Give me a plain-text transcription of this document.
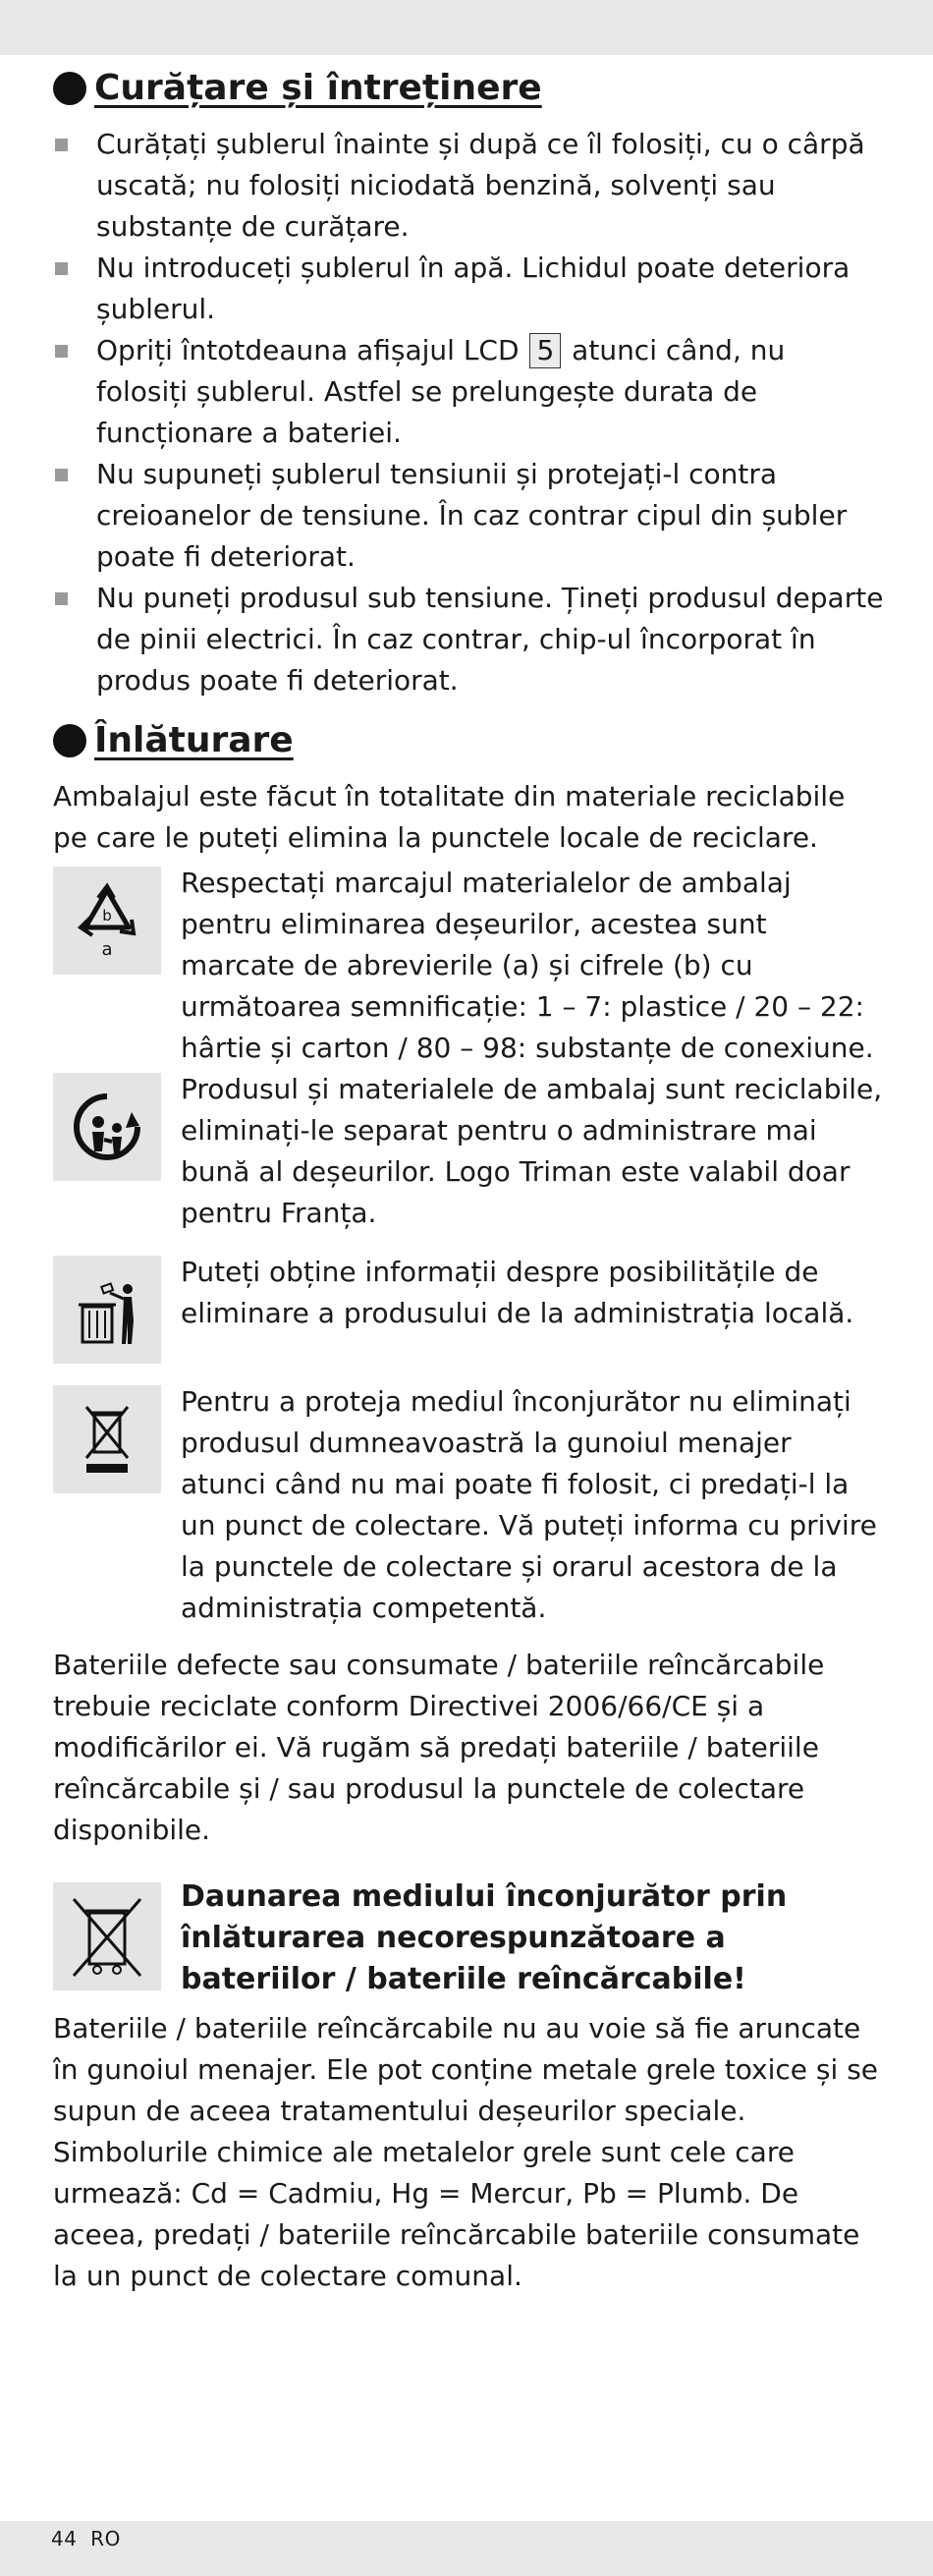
Curățare și întreținere
Curățați șublerul înainte și după ce îl folosiți, cu o cârpă uscată; nu folosiți niciodată benzină, solvenți sau substanțe de curățare.
Nu introduceți șublerul în apă. Lichidul poate deteriora șublerul.
Opriți întotdeauna afișajul LCD 5 atunci când, nu folosiți șublerul. Astfel se prelungește durata de funcționare a bateriei.
Nu supuneți șublerul tensiunii și protejați-l contra creioanelor de tensiune. În caz contrar cipul din șubler poate fi deteriorat.
Nu puneți produsul sub tensiune. Țineți produsul departe de pinii electrici. În caz contrar, chip-ul încorporat în produs poate fi deteriorat.
Înlăturare

Ambalajul este făcut în totalitate din materiale reciclabile pe care le puteți elimina la punctele locale de reciclare.

b
a

Respectați marcajul materialelor de ambalaj pentru eliminarea deșeurilor, acestea sunt marcate de abrevierile (a) și cifrele (b) cu următoarea semnificație: 1 – 7: plastice / 20 – 22: hârtie și carton / 80 – 98: substanțe de conexiune.

Produsul și materialele de ambalaj sunt reciclabile, eliminați-le separat pentru o administrare mai bună al deșeurilor. Logo Triman este valabil doar pentru Franța.

Puteți obține informații despre posibilitățile de eliminare a produsului de la administrația locală.

Pentru a proteja mediul înconjurător nu eliminați produsul dumneavoastră la gunoiul menajer atunci când nu mai poate fi folosit, ci predați-l la un punct de colectare. Vă puteți informa cu privire la punctele de colectare și orarul acestora de la administrația competentă.

Bateriile defecte sau consumate / bateriile reîncărcabile trebuie reciclate conform Directivei 2006/66/CE și a modificărilor ei. Vă rugăm să predați bateriile / bateriile reîncărcabile și / sau produsul la punctele de colectare disponibile.

Daunarea mediului înconjurător prin înlăturarea necorespunzătoare a bateriilor / bateriile reîncărcabile!

Bateriile / bateriile reîncărcabile nu au voie să fie aruncate în gunoiul menajer. Ele pot conține metale grele toxice și se supun de aceea tratamentului deșeurilor speciale. Simbolurile chimice ale metalelor grele sunt cele care urmează: Cd = Cadmiu, Hg = Mercur, Pb = Plumb. De aceea, predați / bateriile reîncărcabile bateriile consumate la un punct de colectare comunal.

44 RO
